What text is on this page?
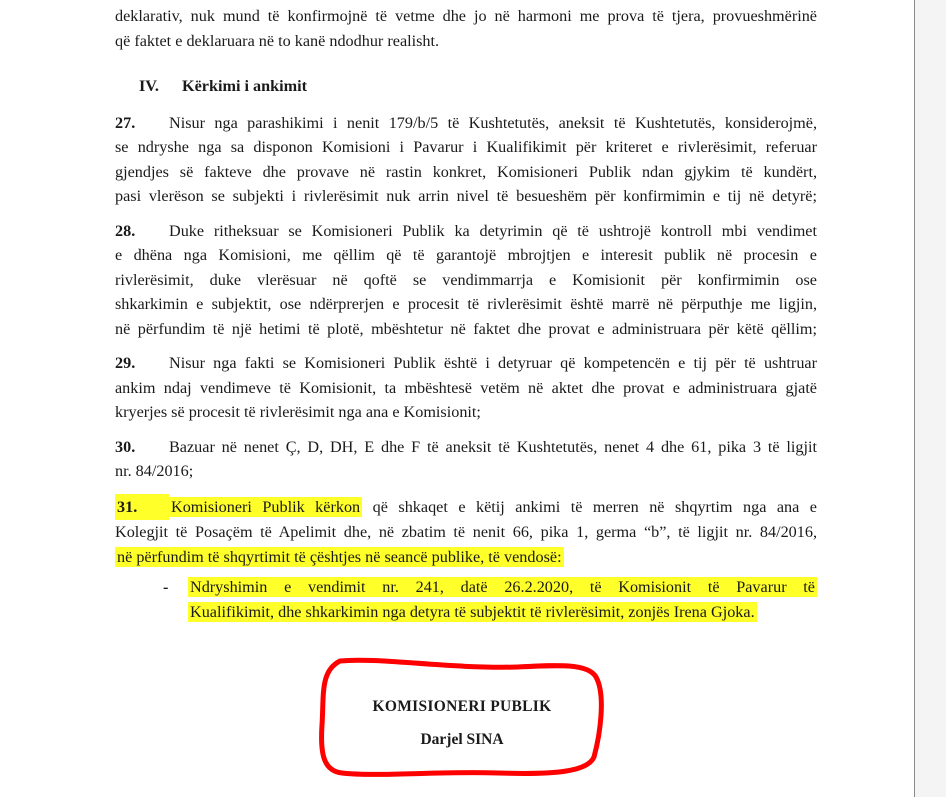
deklarativ, nuk mund të konfirmojnë të vetme dhe jo në harmoni me prova të tjera, provueshmërinë
që faktet e deklaruara në to kanë ndodhur realisht.
IV. Kërkimi i ankimit
27. Nisur nga parashikimi i nenit 179/b/5 të Kushtetutës, aneksit të Kushtetutës, konsiderojmë,
se ndryshe nga sa disponon Komisioni i Pavarur i Kualifikimit për kriteret e rivlerësimit, referuar
gjendjes së fakteve dhe provave në rastin konkret, Komisioneri Publik ndan gjykim të kundërt,
pasi vlerëson se subjekti i rivlerësimit nuk arrin nivel të besueshëm për konfirmimin e tij në detyrë;
28. Duke ritheksuar se Komisioneri Publik ka detyrimin që të ushtrojë kontroll mbi vendimet
e dhëna nga Komisioni, me qëllim që të garantojë mbrojtjen e interesit publik në procesin e
rivlerësimit, duke vlerësuar në qoftë se vendimmarrja e Komisionit për konfirmimin ose
shkarkimin e subjektit, ose ndërprerjen e procesit të rivlerësimit është marrë në përputhje me ligjin,
në përfundim të një hetimi të plotë, mbështetur në faktet dhe provat e administruara për këtë qëllim;
29. Nisur nga fakti se Komisioneri Publik është i detyruar që kompetencën e tij për të ushtruar
ankim ndaj vendimeve të Komisionit, ta mbështesë vetëm në aktet dhe provat e administruara gjatë
kryerjes së procesit të rivlerësimit nga ana e Komisionit;
30. Bazuar në nenet Ç, D, DH, E dhe F të aneksit të Kushtetutës, nenet 4 dhe 61, pika 3 të ligjit
nr. 84/2016;
31. Komisioneri Publik kërkon që shkaqet e këtij ankimi të merren në shqyrtim nga ana e
Kolegjit të Posaçëm të Apelimit dhe, në zbatim të nenit 66, pika 1, germa “b”, të ligjit nr. 84/2016,
në përfundim të shqyrtimit të çështjes në seancë publike, të vendosë:
- Ndryshimin e vendimit nr. 241, datë 26.2.2020, të Komisionit të Pavarur të
Kualifikimit, dhe shkarkimin nga detyra të subjektit të rivlerësimit, zonjës Irena Gjoka.
KOMISIONERI PUBLIK
Darjel SINA
